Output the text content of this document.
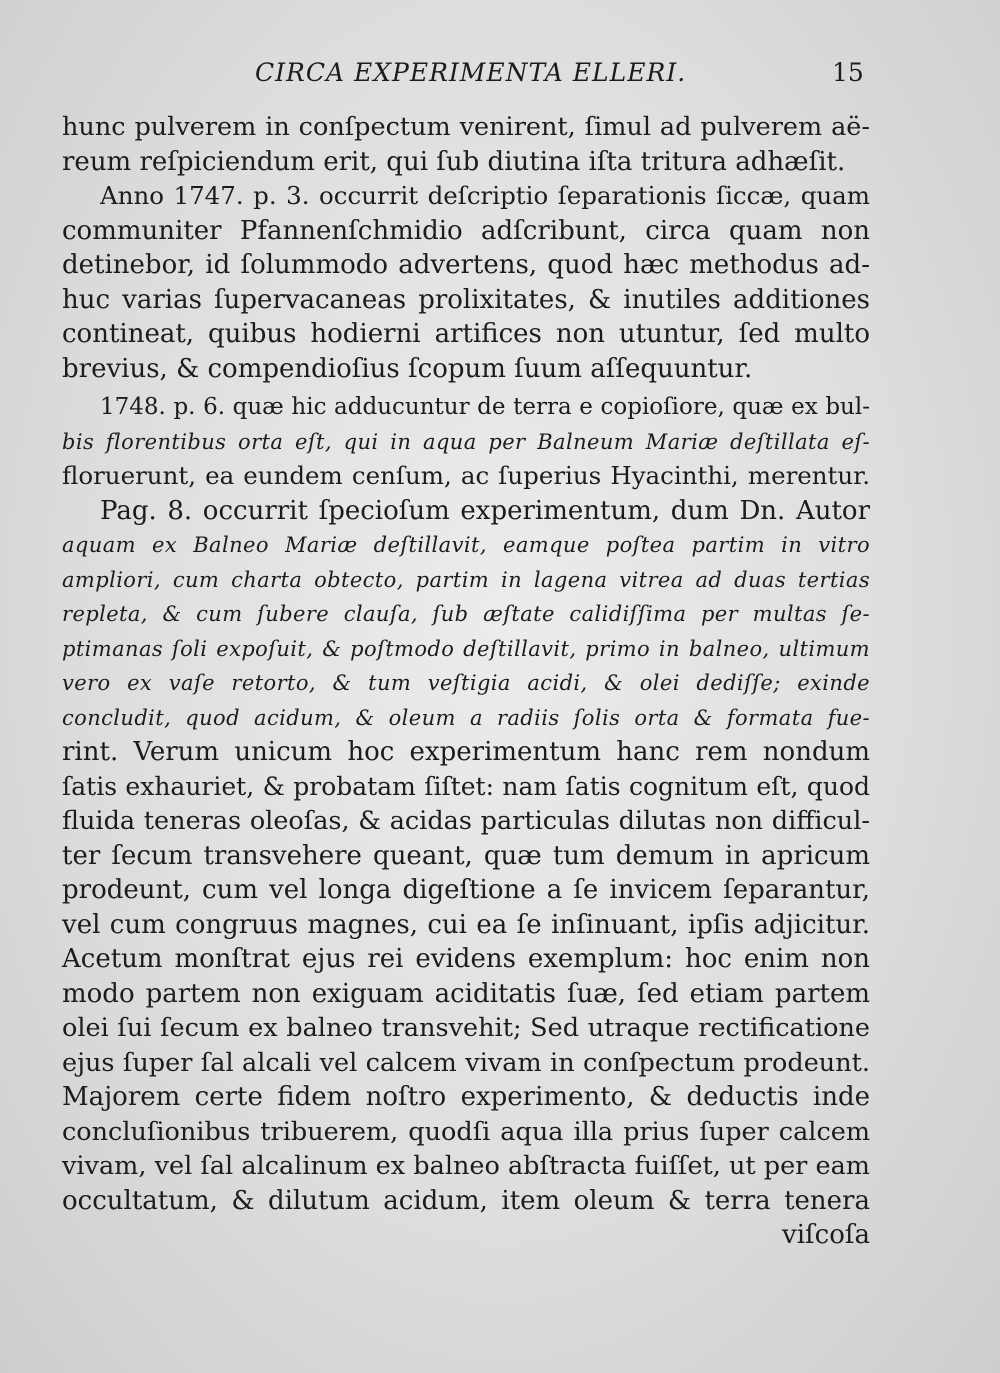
CIRCA EXPERIMENTA ELLERI.	15
hunc pulverem in conſpectum venirent, ſimul ad pulverem aë-
reum reſpiciendum erit, qui ſub diutina iſta tritura adhæſit.
Anno 1747. p. 3. occurrit deſcriptio ſeparationis ſiccæ, quam
communiter Pfannenſchmidio adſcribunt, circa quam non
detinebor, id ſolummodo advertens, quod hæc methodus ad-
huc varias ſupervacaneas prolixitates, & inutiles additiones
contineat, quibus hodierni artifices non utuntur, ſed multo
brevius, & compendioſius ſcopum ſuum aſſequuntur.
1748. p. 6. quæ hic adducuntur de terra e copioſiore, quæ ex bul-
bis florentibus orta eſt, qui in aqua per Balneum Mariæ deſtillata eſ-
floruerunt, ea eundem cenſum, ac ſuperius Hyacinthi, merentur.
Pag. 8. occurrit ſpecioſum experimentum, dum Dn. Autor
aquam ex Balneo Mariæ deſtillavit, eamque poſtea partim in vitro
ampliori, cum charta obtecto, partim in lagena vitrea ad duas tertias
repleta, & cum ſubere clauſa, ſub æſtate calidiſſima per multas ſe-
ptimanas ſoli expoſuit, & poſtmodo deſtillavit, primo in balneo, ultimum
vero ex vaſe retorto, & tum veſtigia acidi, & olei dediſſe; exinde
concludit, quod acidum, & oleum a radiis ſolis orta & formata fue-
rint. Verum unicum hoc experimentum hanc rem nondum
ſatis exhauriet, & probatam ſiſtet: nam ſatis cognitum eſt, quod
fluida teneras oleoſas, & acidas particulas dilutas non difficul-
ter ſecum transvehere queant, quæ tum demum in apricum
prodeunt, cum vel longa digeſtione a ſe invicem ſeparantur,
vel cum congruus magnes, cui ea ſe inſinuant, ipſis adjicitur.
Acetum monſtrat ejus rei evidens exemplum: hoc enim non
modo partem non exiguam aciditatis ſuæ, ſed etiam partem
olei ſui ſecum ex balneo transvehit; Sed utraque rectificatione
ejus ſuper ſal alcali vel calcem vivam in conſpectum prodeunt.
Majorem certe fidem noſtro experimento, & deductis inde
concluſionibus tribuerem, quodſi aqua illa prius ſuper calcem
vivam, vel ſal alcalinum ex balneo abſtracta fuiſſet, ut per eam
occultatum, & dilutum acidum, item oleum & terra tenera
viſcoſa
